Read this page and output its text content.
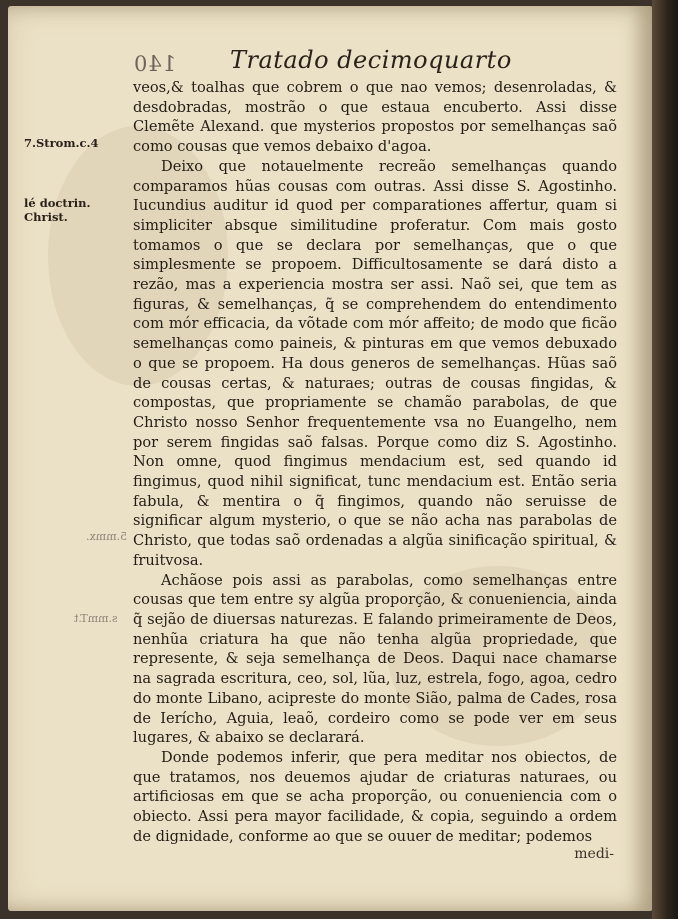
140 Tratado decimoquarto
7.Strom.c.4
lé doctrin. Christ.
5.mmx.
s.mmT.t

veos,& toalhas que cobrem o que nao vemos; desenroladas, & desdobradas, mostrão o que estaua encuberto. Assi disse Clemẽte Alexand. que mysterios propostos por semelhanças saõ como cousas que vemos debaixo d'agoa.

Deixo que notauelmente recreão semelhanças quando comparamos hũas cousas com outras. Assi disse S. Agostinho. Iucundius auditur id quod per comparationes affertur, quam si simpliciter absque similitudine proferatur. Com mais gosto tomamos o que se declara por semelhanças, que o que simplesmente se propoem. Difficultosamente se dará disto a rezão, mas a experiencia mostra ser assi. Naõ sei, que tem as figuras, & semelhanças, q̃ se comprehendem do entendimento com mór efficacia, da võtade com mór affeito; de modo que ficão semelhanças como paineis, & pinturas em que vemos debuxado o que se propoem. Ha dous generos de semelhanças. Hũas saõ de cousas certas, & naturaes; outras de cousas fingidas, & compostas, que propriamente se chamão parabolas, de que Christo nosso Senhor frequentemente vsa no Euangelho, nem por serem fingidas saõ falsas. Porque como diz S. Agostinho. Non omne, quod fingimus mendacium est, sed quando id fingimus, quod nihil significat, tunc mendacium est. Então seria fabula, & mentira o q̃ fingimos, quando não seruisse de significar algum mysterio, o que se não acha nas parabolas de Christo, que todas saõ ordenadas a algũa sinificação spiritual, & fruitvosa.

Achãose pois assi as parabolas, como semelhanças entre cousas que tem entre sy algũa proporção, & conueniencia, ainda q̃ sejão de diuersas naturezas. E falando primeiramente de Deos, nenhũa criatura ha que não tenha algũa propriedade, que represente, & seja semelhança de Deos. Daqui nace chamarse na sagrada escritura, ceo, sol, lũa, luz, estrela, fogo, agoa, cedro do monte Libano, acipreste do monte Sião, palma de Cades, rosa de Ierícho, Aguia, leaõ, cordeiro como se pode ver em seus lugares, & abaixo se declarará.

Donde podemos inferir, que pera meditar nos obiectos, de que tratamos, nos deuemos ajudar de criaturas naturaes, ou artificiosas em que se acha proporção, ou conueniencia com o obiecto. Assi pera mayor facilidade, & copia, seguindo a ordem de dignidade, conforme ao que se ouuer de meditar; podemos

medi-
